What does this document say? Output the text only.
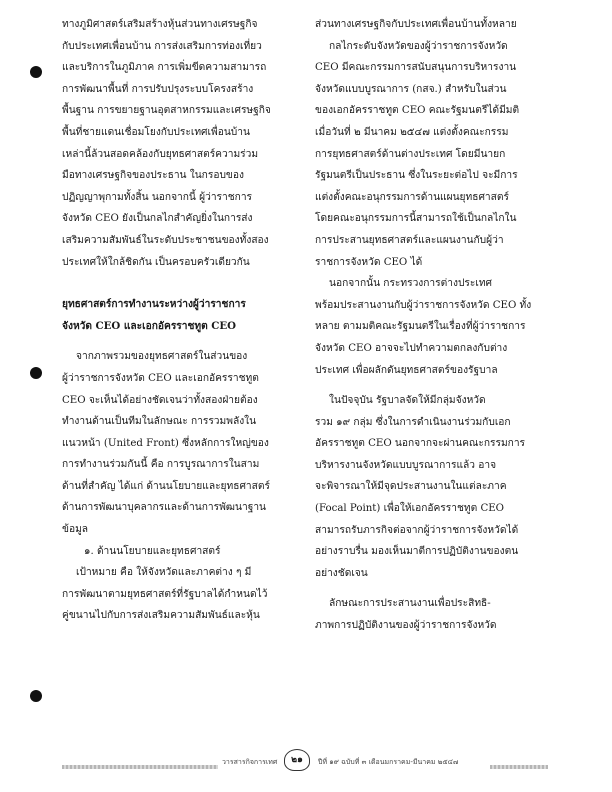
ทางภูมิศาสตร์เสริมสร้างหุ้นส่วนทางเศรษฐกิจ
กับประเทศเพื่อนบ้าน การส่งเสริมการท่องเที่ยว
และบริการในภูมิภาค การเพิ่มขีดความสามารถ
การพัฒนาพื้นที่ การปรับปรุงระบบโครงสร้าง
พื้นฐาน การขยายฐานอุตสาหกรรมและเศรษฐกิจ
พื้นที่ชายแดนเชื่อมโยงกับประเทศเพื่อนบ้าน
เหล่านี้ล้วนสอดคล้องกับยุทธศาสตร์ความร่วม
มือทางเศรษฐกิจของประธาน ในกรอบของ
ปฏิญญาพุกามทั้งสิ้น นอกจากนี้ ผู้ว่าราชการ
จังหวัด CEO ยังเป็นกลไกสำคัญยิ่งในการส่ง
เสริมความสัมพันธ์ในระดับประชาชนของทั้งสอง
ประเทศให้ใกล้ชิดกัน เป็นครอบครัวเดียวกัน
ยุทธศาสตร์การทำงานระหว่างผู้ว่าราชการ
จังหวัด CEO และเอกอัครราชทูต CEO
จากภาพรวมของยุทธศาสตร์ในส่วนของ
ผู้ว่าราชการจังหวัด CEO และเอกอัครราชทูต
CEO จะเห็นได้อย่างชัดเจนว่าทั้งสองฝ่ายต้อง
ทำงานด้านเป็นทีมในลักษณะ การรวมพลังใน
แนวหน้า (United Front) ซึ่งหลักการใหญ่ของ
การทำงานร่วมกันนี้ คือ การบูรณาการในสาม
ด้านที่สำคัญ ได้แก่ ด้านนโยบายและยุทธศาสตร์
ด้านการพัฒนาบุคลากรและด้านการพัฒนาฐาน
ข้อมูล
๑. ด้านนโยบายและยุทธศาสตร์
เป้าหมาย คือ ให้จังหวัดและภาคต่าง ๆ มี
การพัฒนาตามยุทธศาสตร์ที่รัฐบาลได้กำหนดไว้
คู่ขนานไปกับการส่งเสริมความสัมพันธ์และหุ้น
ส่วนทางเศรษฐกิจกับประเทศเพื่อนบ้านทั้งหลาย
กลไกระดับจังหวัดของผู้ว่าราชการจังหวัด
CEO มีคณะกรรมการสนับสนุนการบริหารงาน
จังหวัดแบบบูรณาการ (กสจ.) สำหรับในส่วน
ของเอกอัครราชทูต CEO คณะรัฐมนตรีได้มีมติ
เมื่อวันที่ ๒ มีนาคม ๒๕๔๗ แต่งตั้งคณะกรรม
การยุทธศาสตร์ด้านต่างประเทศ โดยมีนายก
รัฐมนตรีเป็นประธาน ซึ่งในระยะต่อไป จะมีการ
แต่งตั้งคณะอนุกรรมการด้านแผนยุทธศาสตร์
โดยคณะอนุกรรมการนี้สามารถใช้เป็นกลไกใน
การประสานยุทธศาสตร์และแผนงานกับผู้ว่า
ราชการจังหวัด CEO ได้
นอกจากนั้น กระทรวงการต่างประเทศ
พร้อมประสานงานกับผู้ว่าราชการจังหวัด CEO ทั้ง
หลาย ตามมติคณะรัฐมนตรีในเรื่องที่ผู้ว่าราชการ
จังหวัด CEO อาจจะไปทำความตกลงกับต่าง
ประเทศ เพื่อผลักดันยุทธศาสตร์ของรัฐบาล
ในปัจจุบัน รัฐบาลจัดให้มีกลุ่มจังหวัด
รวม ๑๙ กลุ่ม ซึ่งในการดำเนินงานร่วมกับเอก
อัครราชทูต CEO นอกจากจะผ่านคณะกรรมการ
บริหารงานจังหวัดแบบบูรณาการแล้ว อาจ
จะพิจารณาให้มีจุดประสานงานในแต่ละภาค
(Focal Point) เพื่อให้เอกอัครราชทูต CEO
สามารถรับภารกิจต่อจากผู้ว่าราชการจังหวัดได้
อย่างราบรื่น มองเห็นมาตีการปฏิบัติงานของตน
อย่างชัดเจน
ลักษณะการประสานงานเพื่อประสิทธิ-
ภาพการปฏิบัติงานของผู้ว่าราชการจังหวัด
วารสารกิจการเทศ	๒๑	ปีที่ ๑๙ ฉบับที่ ๓ เดือนมกราคม-มีนาคม ๒๕๔๗
